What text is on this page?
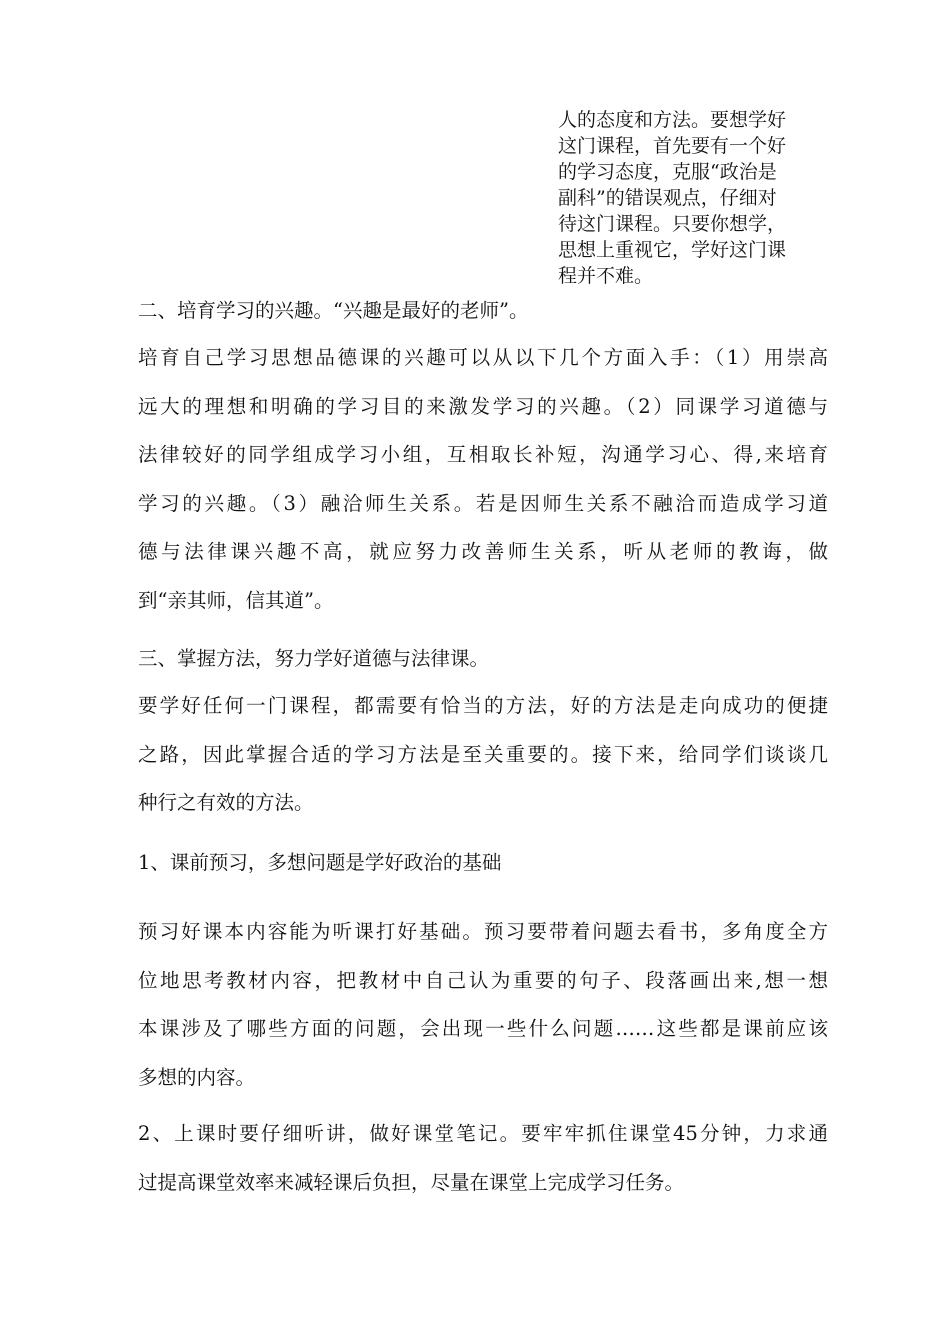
人的态度和方法。要想学好
这门课程，首先要有一个好
的学习态度，克服“政治是
副科”的错误观点，仔细对
待这门课程。只要你想学，
思想上重视它，学好这门课
程并不难。

二、培育学习的兴趣。“兴趣是最好的老师”。

培育自己学习思想品德课的兴趣可以从以下几个方面入手：（1）用崇高
远大的理想和明确的学习目的来激发学习的兴趣。（2）同课学习道德与
法律较好的同学组成学习小组，互相取长补短，沟通学习心、得,来培育
学习的兴趣。（3）融洽师生关系。若是因师生关系不融洽而造成学习道
德与法律课兴趣不高，就应努力改善师生关系，听从老师的教诲，做
到“亲其师，信其道”。

三、掌握方法，努力学好道德与法律课。

要学好任何一门课程，都需要有恰当的方法，好的方法是走向成功的便捷
之路，因此掌握合适的学习方法是至关重要的。接下来，给同学们谈谈几
种行之有效的方法。

1、课前预习，多想问题是学好政治的基础

预习好课本内容能为听课打好基础。预习要带着问题去看书，多角度全方
位地思考教材内容，把教材中自己认为重要的句子、段落画出来,想一想
本课涉及了哪些方面的问题，会出现一些什么问题……这些都是课前应该
多想的内容。
2、上课时要仔细听讲，做好课堂笔记。要牢牢抓住课堂45分钟，力求通
过提高课堂效率来减轻课后负担，尽量在课堂上完成学习任务。
